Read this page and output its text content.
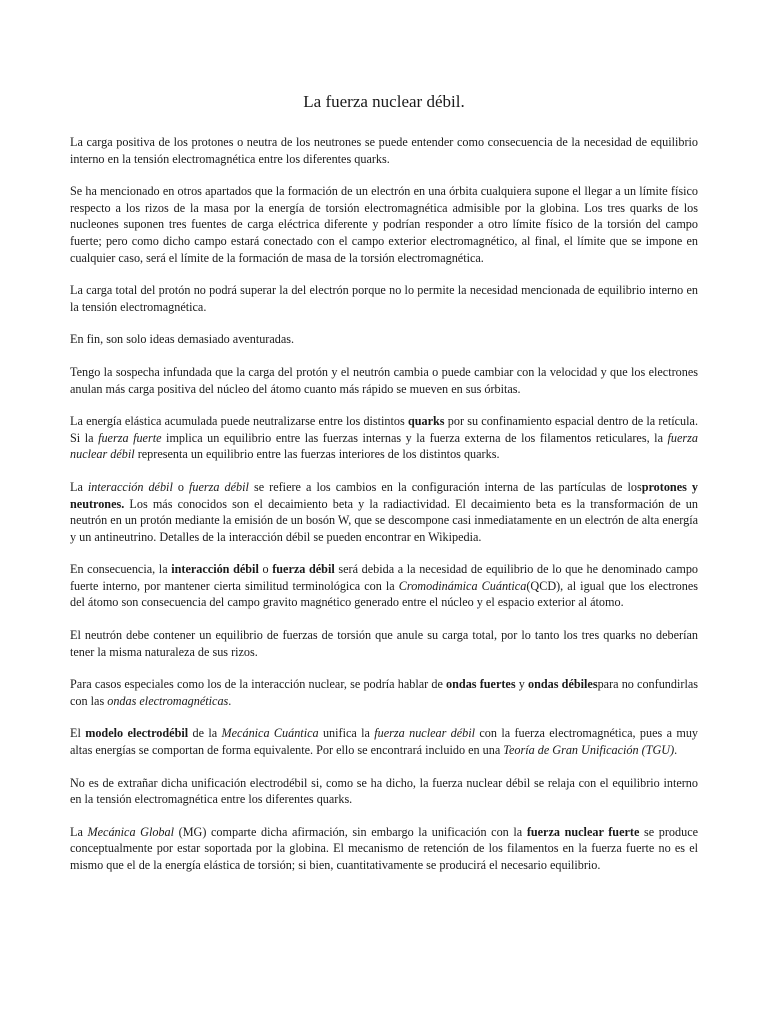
La fuerza nuclear débil.

La carga positiva de los protones o neutra de los neutrones se puede entender como consecuencia de la necesidad de equilibrio interno en la tensión electromagnética entre los diferentes quarks.

Se ha mencionado en otros apartados que la formación de un electrón en una órbita cualquiera supone el llegar a un límite físico respecto a los rizos de la masa por la energía de torsión electromagnética admisible por la globina. Los tres quarks de los nucleones suponen tres fuentes de carga eléctrica diferente y podrían responder a otro límite físico de la torsión del campo fuerte; pero como dicho campo estará conectado con el campo exterior electromagnético, al final, el límite que se impone en cualquier caso, será el límite de la formación de masa de la torsión electromagnética.

La carga total del protón no podrá superar la del electrón porque no lo permite la necesidad mencionada de equilibrio interno en la tensión electromagnética.

En fin, son solo ideas demasiado aventuradas.

Tengo la sospecha infundada que la carga del protón y el neutrón cambia o puede cambiar con la velocidad y que los electrones anulan más carga positiva del núcleo del átomo cuanto más rápido se mueven en sus órbitas.

La energía elástica acumulada puede neutralizarse entre los distintos quarks por su confinamiento espacial dentro de la retícula. Si la fuerza fuerte implica un equilibrio entre las fuerzas internas y la fuerza externa de los filamentos reticulares, la fuerza nuclear débil representa un equilibrio entre las fuerzas interiores de los distintos quarks.

La interacción débil o fuerza débil se refiere a los cambios en la configuración interna de las partículas de losprotones y neutrones. Los más conocidos son el decaimiento beta y la radiactividad. El decaimiento beta es la transformación de un neutrón en un protón mediante la emisión de un bosón W, que se descompone casi inmediatamente en un electrón de alta energía y un antineutrino. Detalles de la interacción débil se pueden encontrar en Wikipedia.

En consecuencia, la interacción débil o fuerza débil será debida a la necesidad de equilibrio de lo que he denominado campo fuerte interno, por mantener cierta similitud terminológica con la Cromodinámica Cuántica(QCD), al igual que los electrones del átomo son consecuencia del campo gravito magnético generado entre el núcleo y el espacio exterior al átomo.

El neutrón debe contener un equilibrio de fuerzas de torsión que anule su carga total, por lo tanto los tres quarks no deberían tener la misma naturaleza de sus rizos.

Para casos especiales como los de la interacción nuclear, se podría hablar de ondas fuertes y ondas débilespara no confundirlas con las ondas electromagnéticas.

El modelo electrodébil de la Mecánica Cuántica unifica la fuerza nuclear débil con la fuerza electromagnética, pues a muy altas energías se comportan de forma equivalente. Por ello se encontrará incluido en una Teoría de Gran Unificación (TGU).

No es de extrañar dicha unificación electrodébil si, como se ha dicho, la fuerza nuclear débil se relaja con el equilibrio interno en la tensión electromagnética entre los diferentes quarks.

La Mecánica Global (MG) comparte dicha afirmación, sin embargo la unificación con la fuerza nuclear fuerte se produce conceptualmente por estar soportada por la globina. El mecanismo de retención de los filamentos en la fuerza fuerte no es el mismo que el de la energía elástica de torsión; si bien, cuantitativamente se producirá el necesario equilibrio.
